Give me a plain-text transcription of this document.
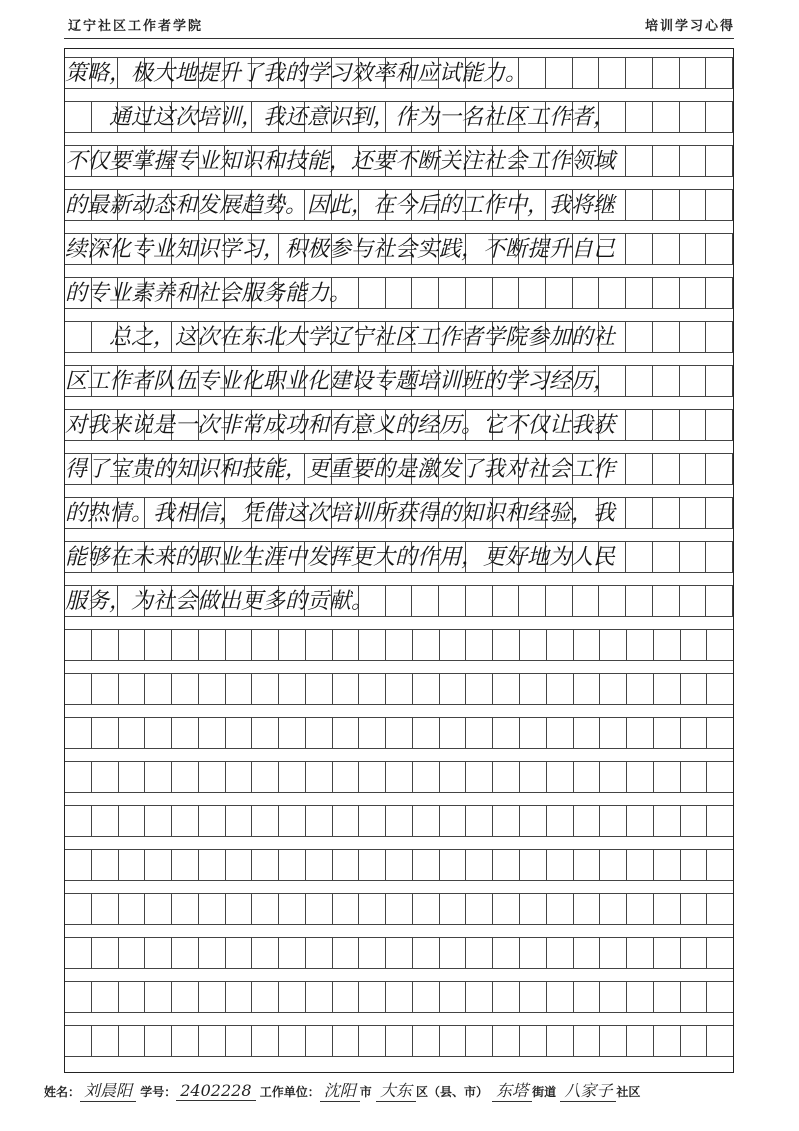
辽宁社区工作者学院	培训学习心得
策略，极大地提升了我的学习效率和应试能力。
　　通过这次培训，我还意识到，作为一名社区工作者，
不仅要掌握专业知识和技能，还要不断关注社会工作领域
的最新动态和发展趋势。因此，在今后的工作中，我将继
续深化专业知识学习，积极参与社会实践，不断提升自己
的专业素养和社会服务能力。
　　总之，这次在东北大学辽宁社区工作者学院参加的社
区工作者队伍专业化职业化建设专题培训班的学习经历，
对我来说是一次非常成功和有意义的经历。它不仅让我获
得了宝贵的知识和技能，更重要的是激发了我对社会工作
的热情。我相信，凭借这次培训所获得的知识和经验，我
能够在未来的职业生涯中发挥更大的作用，更好地为人民
服务，为社会做出更多的贡献。
姓名： 刘晨阳 学号： 2402228 工作单位： 沈阳 市 大东 区（县、市） 东塔 街道 八家子 社区
